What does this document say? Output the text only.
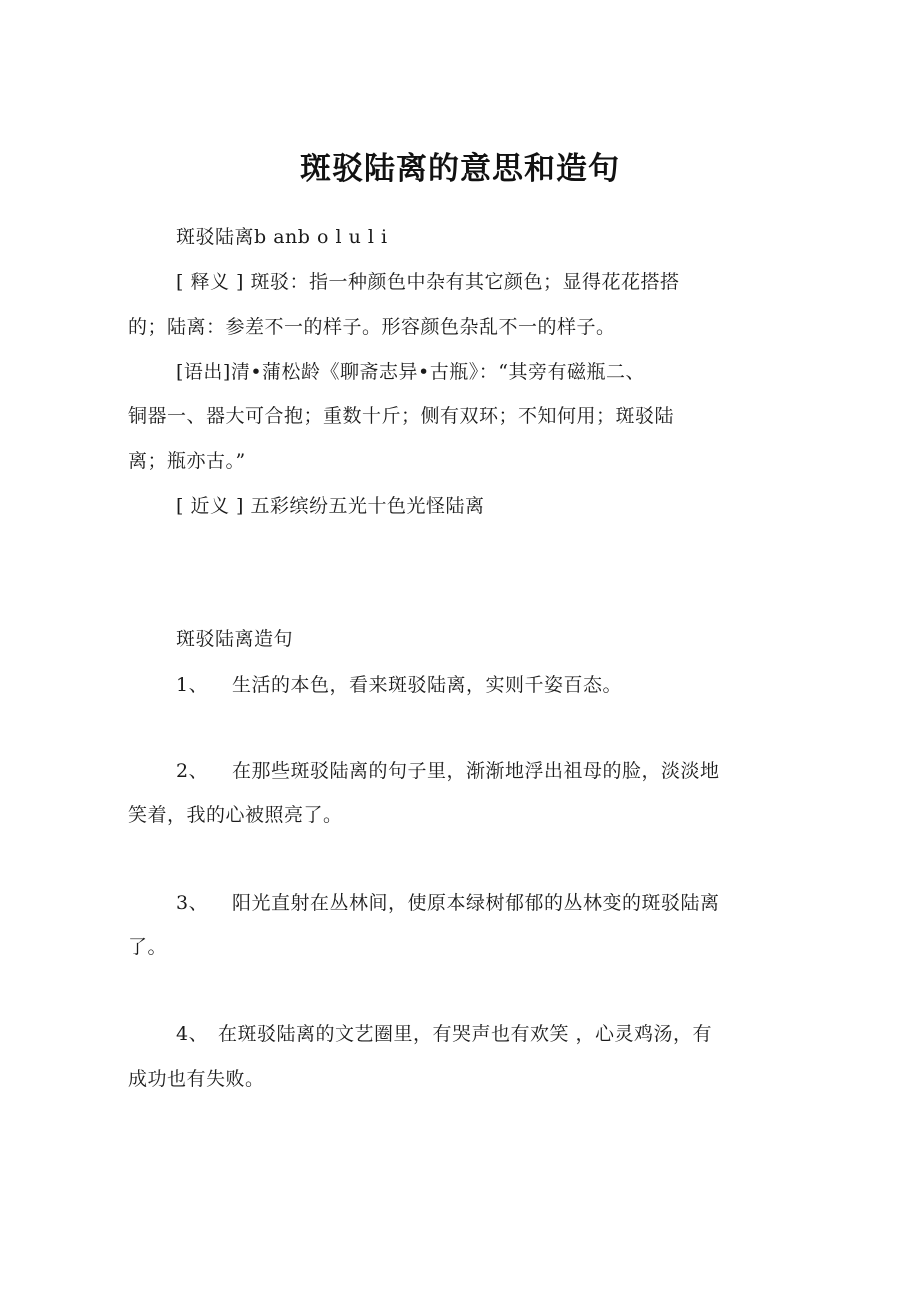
斑驳陆离的意思和造句
斑驳陆离b anb o l u l i
[ 释义 ] 斑驳：指一种颜色中杂有其它颜色；显得花花搭搭
的；陆离：参差不一的样子。形容颜色杂乱不一的样子。
[语出]清•蒲松龄《聊斋志异•古瓶》：“其旁有磁瓶二、
铜器一、器大可合抱；重数十斤；侧有双环；不知何用；斑驳陆
离；瓶亦古。”
[ 近义 ] 五彩缤纷五光十色光怪陆离
斑驳陆离造句
1、 生活的本色，看来斑驳陆离，实则千姿百态。
2、 在那些斑驳陆离的句子里，渐渐地浮出祖母的脸，淡淡地
笑着，我的心被照亮了。
3、 阳光直射在丛林间，使原本绿树郁郁的丛林变的斑驳陆离
了。
4、 在斑驳陆离的文艺圈里，有哭声也有欢笑 ，心灵鸡汤，有
成功也有失败。
